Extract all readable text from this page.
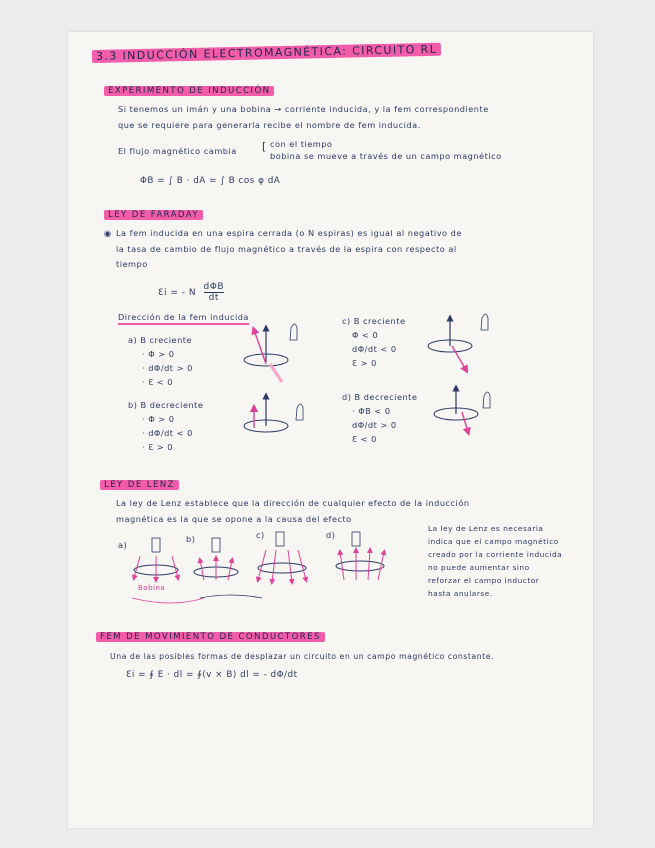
3.3 INDUCCIÓN ELECTROMAGNÉTICA: CIRCUITO RL
EXPERIMENTO DE INDUCCIÓN
Si tenemos un imán y una bobina → corriente inducida, y la fem correspondiente
que se requiere para generarla recibe el nombre de fem inducida.
El flujo magnético cambia [ con el tiempo
bobina se mueve a través de un campo magnético
ΦB = ∫ B · dA = ∫ B cos φ dA
LEY DE FARADAY
◉ La fem inducida en una espira cerrada (o N espiras) es igual al negativo de
la tasa de cambio de flujo magnético a través de la espira con respecto al
tiempo
Ɛi = - N
dΦB
dt
Dirección de la fem inducida
a) B creciente
· Φ > 0
· dΦ/dt > 0
· Ɛ < 0
b) B decreciente
· Φ > 0
· dΦ/dt < 0
· Ɛ > 0
c) B creciente
Φ < 0
dΦ/dt < 0
Ɛ > 0
d) B decreciente
· ΦB < 0
dΦ/dt > 0
Ɛ < 0
LEY DE LENZ
La ley de Lenz establece que la dirección de cualquier efecto de la inducción
magnética es la que se opone a la causa del efecto
La ley de Lenz es necesaria
indica que el campo magnético
creado por la corriente inducida
no puede aumentar sino
reforzar el campo inductor
hasta anularse.
a)
b)	c)
Bobina
d)
FEM DE MOVIMIENTO DE CONDUCTORES
Una de las posibles formas de desplazar un circuito en un campo magnético constante.
Ɛi = ∮ E · dl = ∮(v × B) dl = - dΦ/dt
